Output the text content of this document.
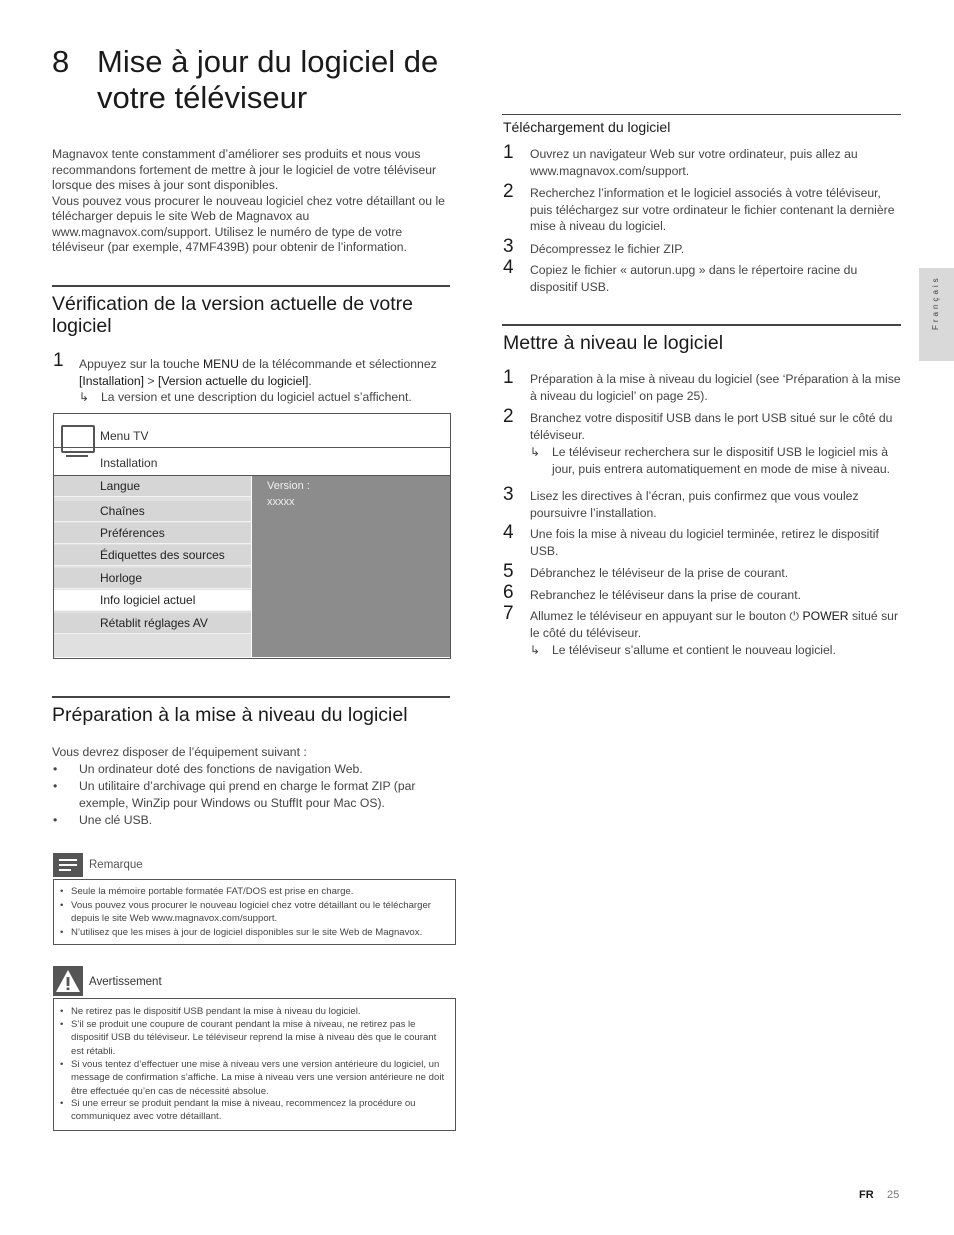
8 Mise à jour du logiciel de votre téléviseur

Magnavox tente constamment d’améliorer ses produits et nous vous recommandons fortement de mettre à jour le logiciel de votre téléviseur lorsque des mises à jour sont disponibles.

Vous pouvez vous procurer le nouveau logiciel chez votre détaillant ou le télécharger depuis le site Web de Magnavox au www.magnavox.com/support. Utilisez le numéro de type de votre téléviseur (par exemple, 47MF439B) pour obtenir de l’information.

Vérification de la version actuelle de votre logiciel
1 Appuyez sur la touche MENU de la télécommande et sélectionnez [Installation] > [Version actuelle du logiciel].
↳ La version et une description du logiciel actuel s’affichent.
Menu TV
Installation
Langue
Chaînes
Préférences
Édiquettes des sources
Horloge
Info logiciel actuel
Rétablit réglages AV
Version :
xxxxx
Préparation à la mise à niveau du logiciel
Vous devrez disposer de l’équipement suivant :
• Un ordinateur doté des fonctions de navigation Web.
• Un utilitaire d’archivage qui prend en charge le format ZIP (par exemple, WinZip pour Windows ou StuffIt pour Mac OS).
• Une clé USB.
Remarque
• Seule la mémoire portable formatée FAT/DOS est prise en charge.
• Vous pouvez vous procurer le nouveau logiciel chez votre détaillant ou le télécharger depuis le site Web www.magnavox.com/support.
• N’utilisez que les mises à jour de logiciel disponibles sur le site Web de Magnavox.
Avertissement
• Ne retirez pas le dispositif USB pendant la mise à niveau du logiciel.
• S’il se produit une coupure de courant pendant la mise à niveau, ne retirez pas le dispositif USB du téléviseur. Le téléviseur reprend la mise à niveau dès que le courant est rétabli.
• Si vous tentez d’effectuer une mise à niveau vers une version antérieure du logiciel, un message de confirmation s’affiche. La mise à niveau vers une version antérieure ne doit être effectuée qu’en cas de nécessité absolue.
• Si une erreur se produit pendant la mise à niveau, recommencez la procédure ou communiquez avec votre détaillant.
Téléchargement du logiciel
1 Ouvrez un navigateur Web sur votre ordinateur, puis allez au www.magnavox.com/support.
2 Recherchez l’information et le logiciel associés à votre téléviseur, puis téléchargez sur votre ordinateur le fichier contenant la dernière mise à niveau du logiciel.
3 Décompressez le fichier ZIP.
4 Copiez le fichier « autorun.upg » dans le répertoire racine du dispositif USB.
Mettre à niveau le logiciel
1 Préparation à la mise à niveau du logiciel (see ‘Préparation à la mise à niveau du logiciel’ on page 25).
2 Branchez votre dispositif USB dans le port USB situé sur le côté du téléviseur.
↳ Le téléviseur recherchera sur le dispositif USB le logiciel mis à jour, puis entrera automatiquement en mode de mise à niveau.
3 Lisez les directives à l’écran, puis confirmez que vous voulez poursuivre l’installation.
4 Une fois la mise à niveau du logiciel terminée, retirez le dispositif USB.
5 Débranchez le téléviseur de la prise de courant.
6 Rebranchez le téléviseur dans la prise de courant.
7 Allumez le téléviseur en appuyant sur le bouton ⏻ POWER situé sur le côté du téléviseur.
↳ Le téléviseur s’allume et contient le nouveau logiciel.
Français
FR 25
